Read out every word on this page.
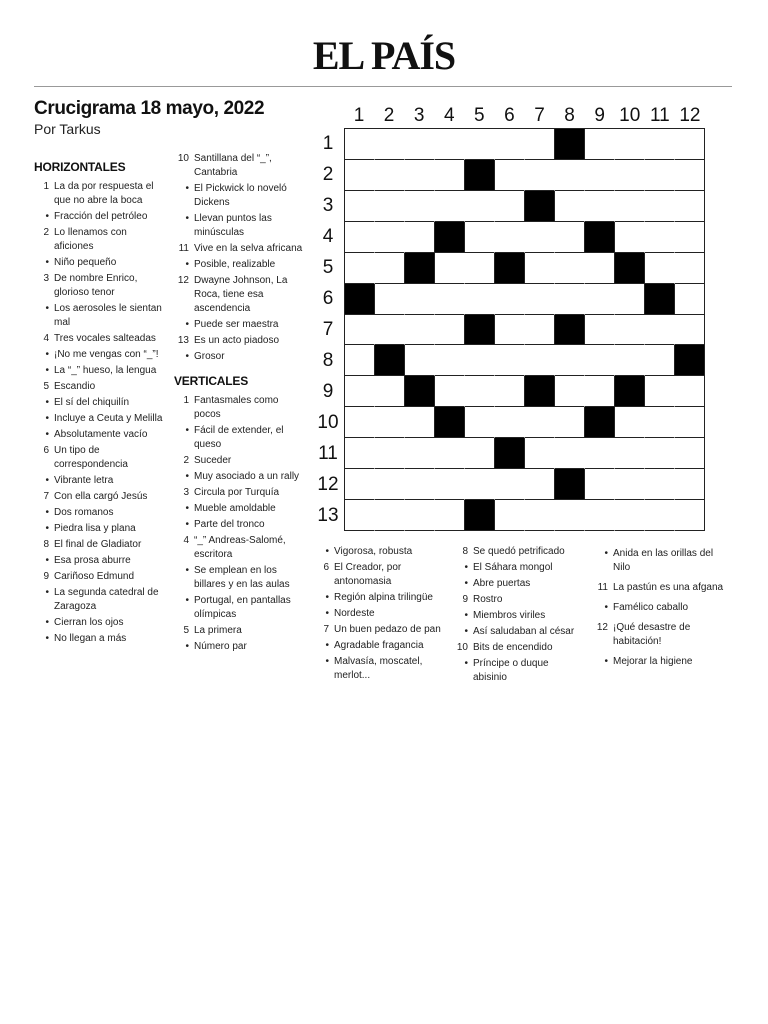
EL PAÍS
Crucigrama 18 mayo, 2022
Por Tarkus
HORIZONTALES
1 La da por respuesta el que no abre la boca
• Fracción del petróleo
2 Lo llenamos con aficiones
• Niño pequeño
3 De nombre Enrico, glorioso tenor
• Los aerosoles le sientan mal
4 Tres vocales salteadas
• ¡No me vengas con “_”!
• La “_” hueso, la lengua
5 Escandio
• El sí del chiquilín
• Incluye a Ceuta y Melilla
• Absolutamente vacío
6 Un tipo de correspondencia
• Vibrante letra
7 Con ella cargó Jesús
• Dos romanos
• Piedra lisa y plana
8 El final de Gladiator
• Esa prosa aburre
9 Cariñoso Edmund
• La segunda catedral de Zaragoza
• Cierran los ojos
• No llegan a más
10 Santillana del “_”, Cantabria
• El Pickwick lo noveló Dickens
• Llevan puntos las minúsculas
11 Vive en la selva africana
• Posible, realizable
12 Dwayne Johnson, La Roca, tiene esa ascendencia
• Puede ser maestra
13 Es un acto piadoso
• Grosor
VERTICALES
1 Fantasmales como pocos
• Fácil de extender, el queso
2 Suceder
• Muy asociado a un rally
3 Circula por Turquía
• Mueble amoldable
• Parte del tronco
4 “_” Andreas-Salomé, escritora
• Se emplean en los billares y en las aulas
• Portugal, en pantallas olímpicas
5 La primera
• Número par
• Vigorosa, robusta
6 El Creador, por antonomasia
• Región alpina trilingüe
• Nordeste
7 Un buen pedazo de pan
• Agradable fragancia
• Malvasía, moscatel, merlot...
8 Se quedó petrificado
• El Sáhara mongol
• Abre puertas
9 Rostro
• Miembros viriles
• Así saludaban al césar
10 Bits de encendido
• Príncipe o duque abisinio
• Anida en las orillas del Nilo
11 La pastún es una afgana
• Famélico caballo
12 ¡Qué desastre de habitación!
• Mejorar la higiene
1	2	3	4	5	6	7	8	9 10 11 12
1
2
3
4
5
6
7
8
9
10
11
12
13
